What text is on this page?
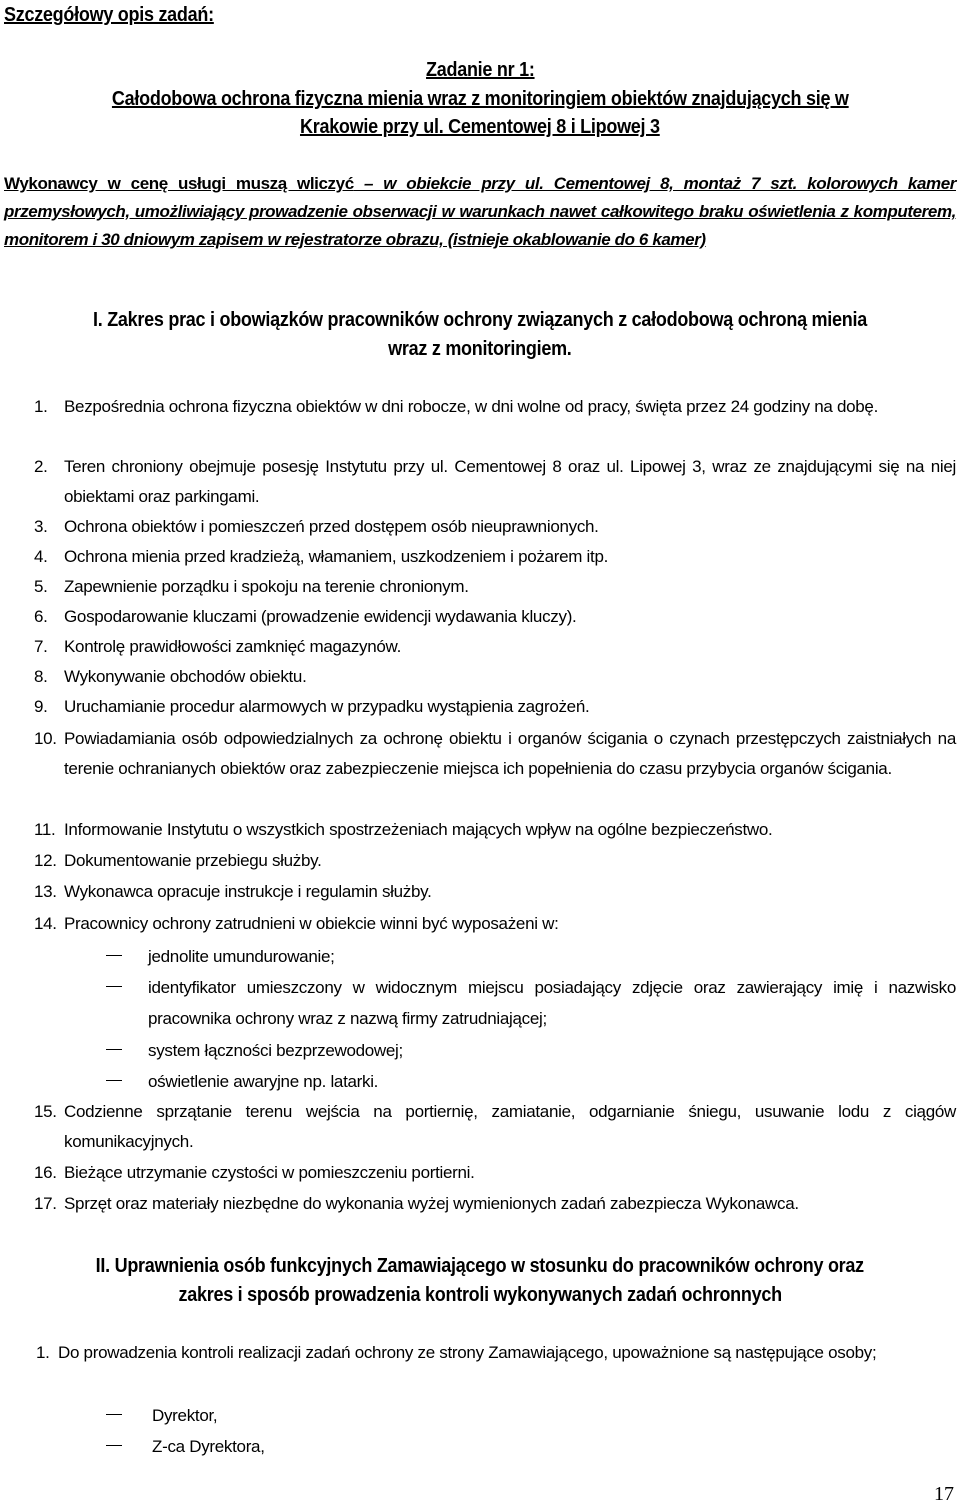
Szczegółowy opis zadań:
Zadanie nr 1:
Całodobowa ochrona fizyczna mienia wraz z monitoringiem obiektów znajdujących się w
Krakowie przy ul. Cementowej 8 i Lipowej 3
Wykonawcy w cenę usługi muszą wliczyć – w obiekcie przy ul. Cementowej 8, montaż 7 szt. kolorowych kamer przemysłowych, umożliwiający prowadzenie obserwacji w warunkach nawet całkowitego braku oświetlenia z komputerem, monitorem i 30 dniowym zapisem w rejestratorze obrazu, (istnieje okablowanie do 6 kamer)
I. Zakres prac i obowiązków pracowników ochrony związanych z całodobową ochroną mienia
wraz z monitoringiem.
1. Bezpośrednia ochrona fizyczna obiektów w dni robocze, w dni wolne od pracy, święta przez 24 godziny na dobę.
2. Teren chroniony obejmuje posesję Instytutu przy ul. Cementowej 8 oraz ul. Lipowej 3, wraz ze znajdującymi się na niej obiektami oraz parkingami.
3. Ochrona obiektów i pomieszczeń przed dostępem osób nieuprawnionych.
4. Ochrona mienia przed kradzieżą, włamaniem, uszkodzeniem i pożarem itp.
5. Zapewnienie porządku i spokoju na terenie chronionym.
6. Gospodarowanie kluczami (prowadzenie ewidencji wydawania kluczy).
7. Kontrolę prawidłowości zamknięć magazynów.
8. Wykonywanie obchodów obiektu.
9. Uruchamianie procedur alarmowych w przypadku wystąpienia zagrożeń.
10. Powiadamiania osób odpowiedzialnych za ochronę obiektu i organów ścigania o czynach przestępczych zaistniałych na terenie ochranianych obiektów oraz zabezpieczenie miejsca ich popełnienia do czasu przybycia organów ścigania.
11. Informowanie Instytutu o wszystkich spostrzeżeniach mających wpływ na ogólne bezpieczeństwo.
12. Dokumentowanie przebiegu służby.
13. Wykonawca opracuje instrukcje i regulamin służby.
14. Pracownicy ochrony zatrudnieni w obiekcie winni być wyposażeni w:
jednolite umundurowanie;
identyfikator umieszczony w widocznym miejscu posiadający zdjęcie oraz zawierający imię i nazwisko pracownika ochrony wraz z nazwą firmy zatrudniającej;
system łączności bezprzewodowej;
oświetlenie awaryjne np. latarki.
15. Codzienne sprzątanie terenu wejścia na portiernię, zamiatanie, odgarnianie śniegu, usuwanie lodu z ciągów komunikacyjnych.
16. Bieżące utrzymanie czystości w pomieszczeniu portierni.
17. Sprzęt oraz materiały niezbędne do wykonania wyżej wymienionych zadań zabezpiecza Wykonawca.
II. Uprawnienia osób funkcyjnych Zamawiającego w stosunku do pracowników ochrony oraz
zakres i sposób prowadzenia kontroli wykonywanych zadań ochronnych
1. Do prowadzenia kontroli realizacji zadań ochrony ze strony Zamawiającego, upoważnione są następujące osoby;
Dyrektor,
Z-ca Dyrektora,
17
